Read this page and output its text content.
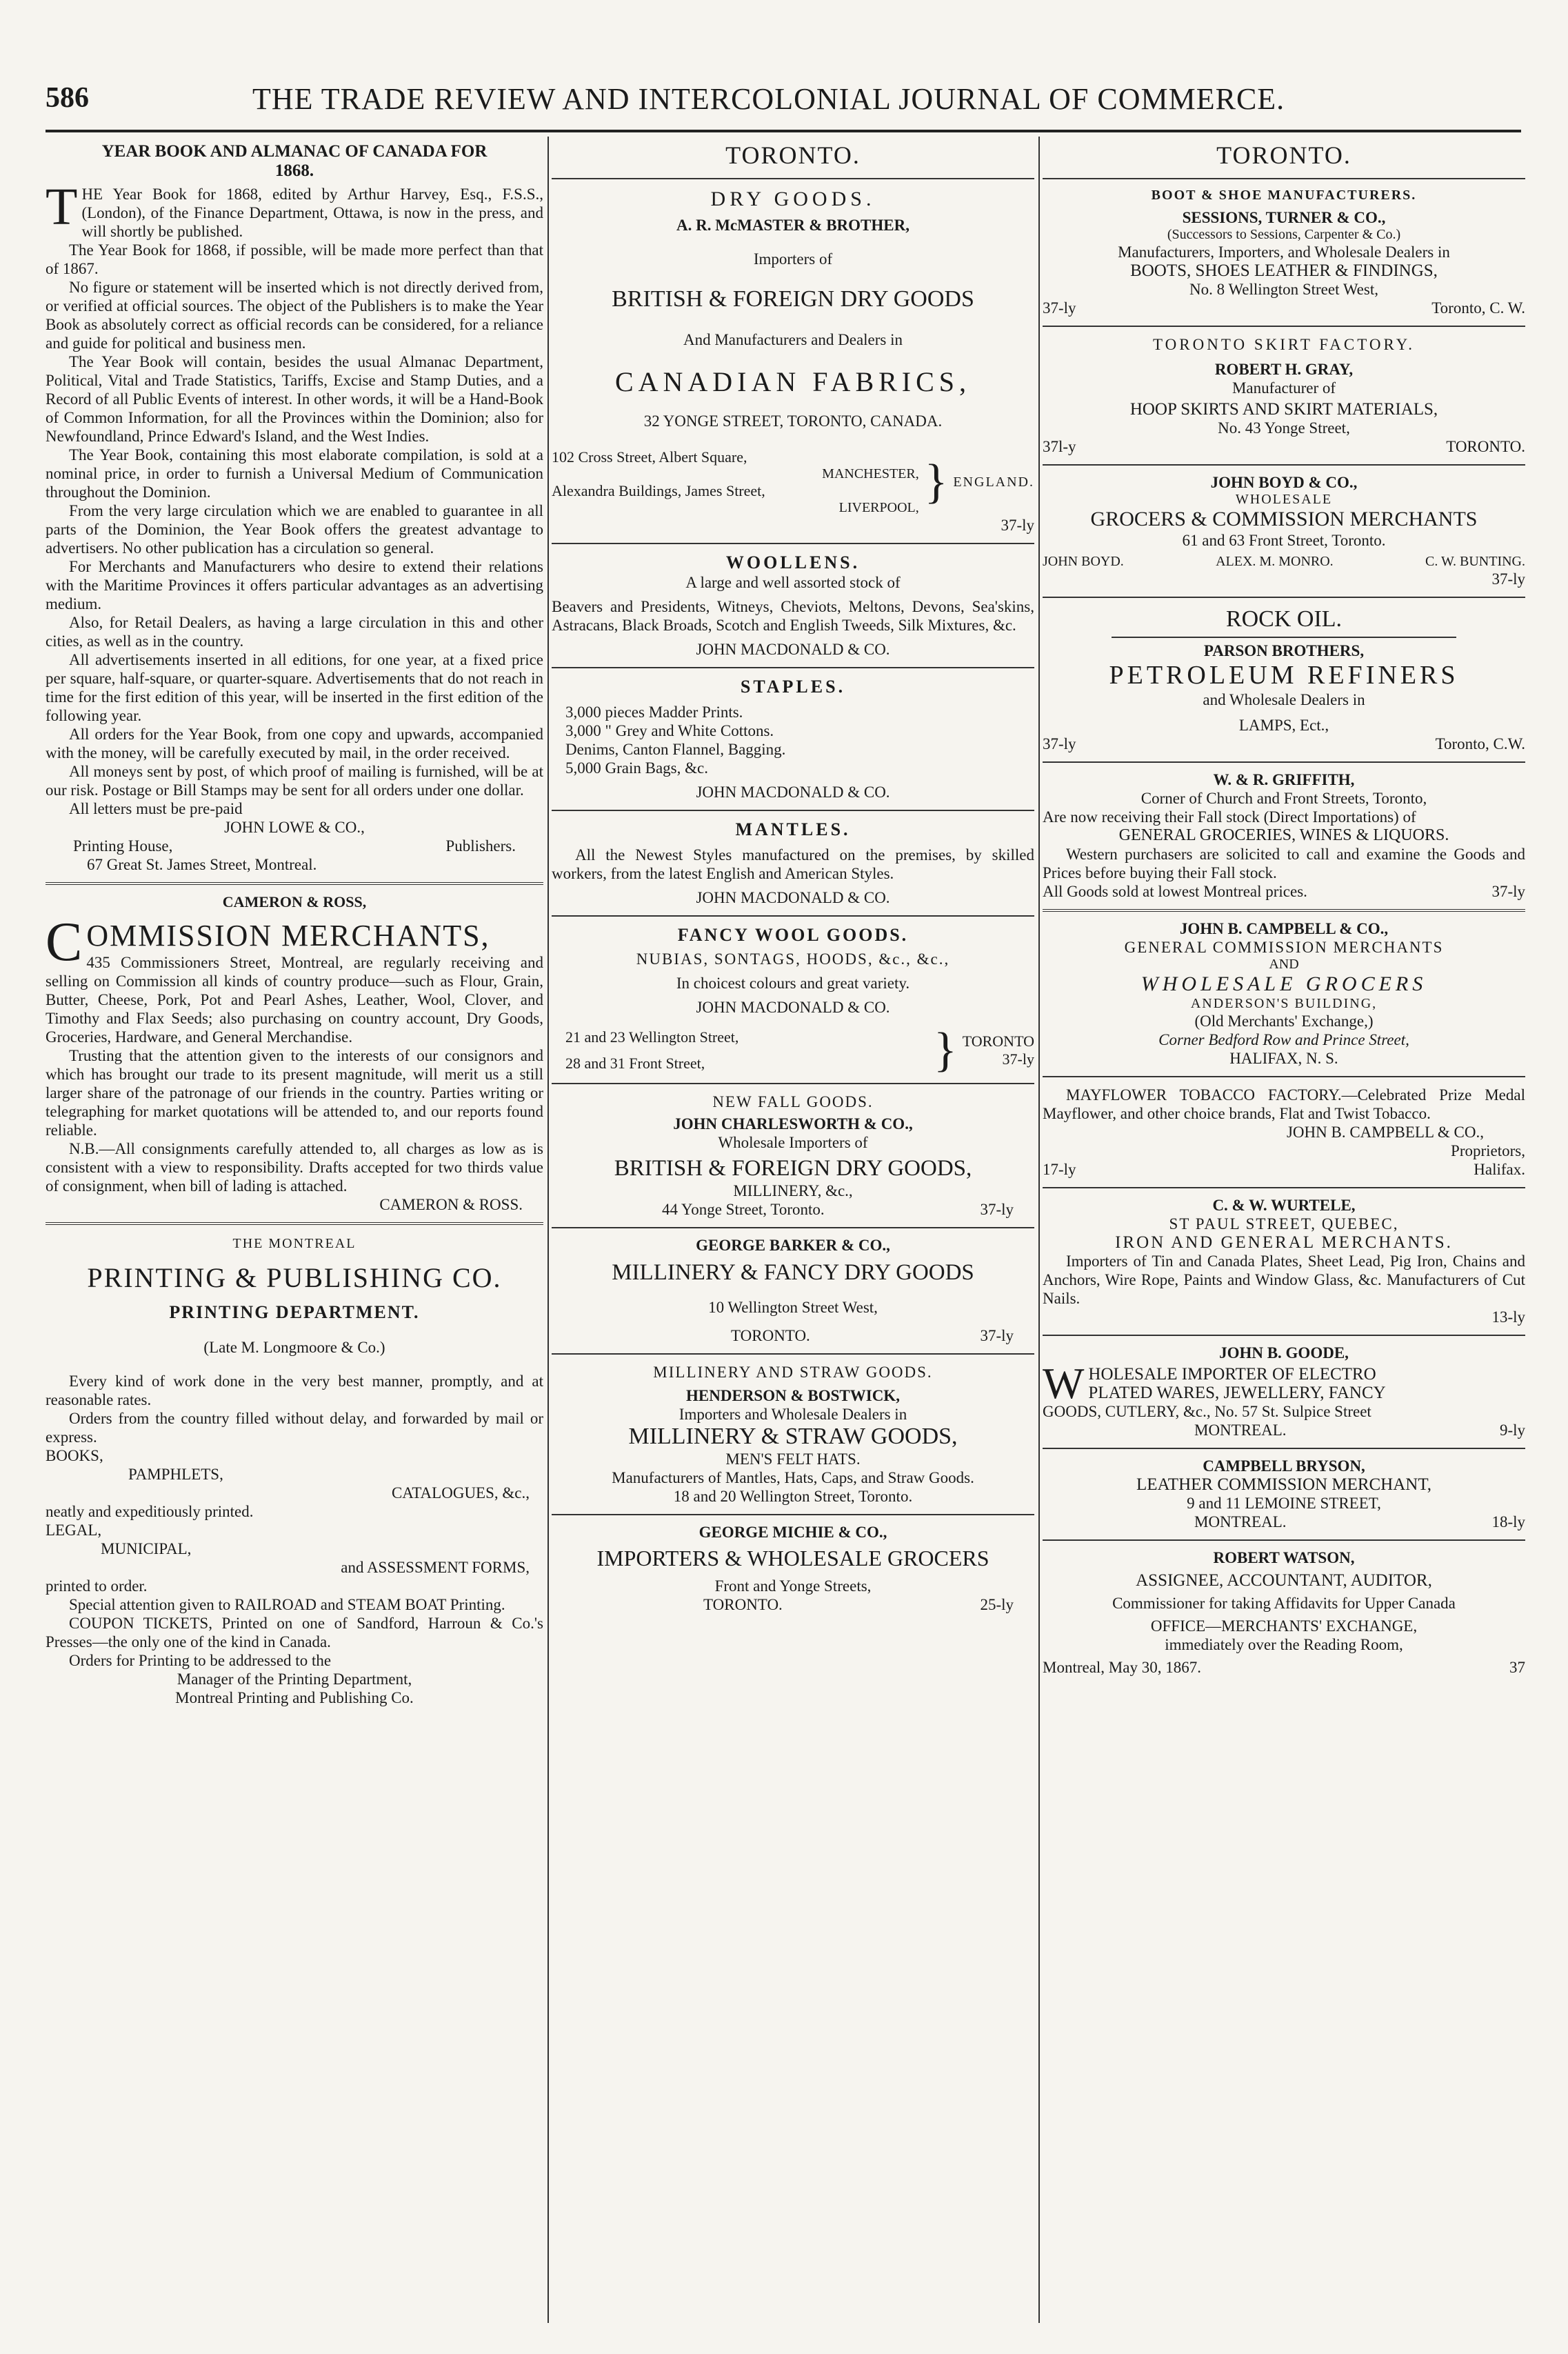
586	THE TRADE REVIEW AND INTERCOLONIAL JOURNAL OF COMMERCE.

YEAR BOOK AND ALMANAC OF CANADA FOR 1868.

THE Year Book for 1868, edited by Arthur Harvey, Esq., F.S.S., (London), of the Finance Department, Ottawa, is now in the press, and will shortly be published.

The Year Book for 1868, if possible, will be made more perfect than that of 1867.

No figure or statement will be inserted which is not directly derived from, or verified at official sources. The object of the Publishers is to make the Year Book as absolutely correct as official records can be considered, for a reliance and guide for political and business men.

The Year Book will contain, besides the usual Almanac Department, Political, Vital and Trade Statistics, Tariffs, Excise and Stamp Duties, and a Record of all Public Events of interest. In other words, it will be a Hand-Book of Common Information, for all the Provinces within the Dominion; also for Newfoundland, Prince Edward's Island, and the West Indies.

The Year Book, containing this most elaborate compilation, is sold at a nominal price, in order to furnish a Universal Medium of Communication throughout the Dominion.

From the very large circulation which we are enabled to guarantee in all parts of the Dominion, the Year Book offers the greatest advantage to advertisers. No other publication has a circulation so general.

For Merchants and Manufacturers who desire to extend their relations with the Maritime Provinces it offers particular advantages as an advertising medium.

Also, for Retail Dealers, as having a large circulation in this and other cities, as well as in the country.

All advertisements inserted in all editions, for one year, at a fixed price per square, half-square, or quarter-square. Advertisements that do not reach in time for the first edition of this year, will be inserted in the first edition of the following year.

All orders for the Year Book, from one copy and upwards, accompanied with the money, will be carefully executed by mail, in the order received.

All moneys sent by post, of which proof of mailing is furnished, will be at our risk. Postage or Bill Stamps may be sent for all orders under one dollar.

All letters must be pre-paid

JOHN LOWE & CO.,

Printing House,	Publishers.

67 Great St. James Street, Montreal.

CAMERON & ROSS,

C OMMISSION MERCHANTS,

435 Commissioners Street, Montreal, are regularly receiving and selling on Commission all kinds of country produce—such as Flour, Grain, Butter, Cheese, Pork, Pot and Pearl Ashes, Leather, Wool, Clover, and Timothy and Flax Seeds; also purchasing on country account, Dry Goods, Groceries, Hardware, and General Merchandise.

Trusting that the attention given to the interests of our consignors and which has brought our trade to its present magnitude, will merit us a still larger share of the patronage of our friends in the country. Parties writing or telegraphing for market quotations will be attended to, and our reports found reliable.

N.B.—All consignments carefully attended to, all charges as low as is consistent with a view to responsibility. Drafts accepted for two thirds value of consignment, when bill of lading is attached.

CAMERON & ROSS.

THE MONTREAL

PRINTING & PUBLISHING CO.

PRINTING DEPARTMENT.

(Late M. Longmoore & Co.)

Every kind of work done in the very best manner, promptly, and at reasonable rates.

Orders from the country filled without delay, and forwarded by mail or express.

BOOKS,

PAMPHLETS,

CATALOGUES, &c.,

neatly and expeditiously printed.

LEGAL,

MUNICIPAL,

and ASSESSMENT FORMS,

printed to order.

Special attention given to RAILROAD and STEAM BOAT Printing.

COUPON TICKETS, Printed on one of Sandford, Harroun & Co.'s Presses—the only one of the kind in Canada.

Orders for Printing to be addressed to the

Manager of the Printing Department,

Montreal Printing and Publishing Co.

TORONTO.

DRY GOODS.

A. R. McMASTER & BROTHER,

Importers of

BRITISH & FOREIGN DRY GOODS

And Manufacturers and Dealers in

CANADIAN FABRICS,

32 YONGE STREET, TORONTO, CANADA.

102 Cross Street, Albert Square,

MANCHESTER,

Alexandra Buildings, James Street,

LIVERPOOL, } ENGLAND.

37-ly

WOOLLENS.

A large and well assorted stock of

Beavers and Presidents, Witneys, Cheviots, Meltons, Devons, Sea'skins, Astracans, Black Broads, Scotch and English Tweeds, Silk Mixtures, &c.

JOHN MACDONALD & CO.

STAPLES.

3,000 pieces Madder Prints.

3,000 " Grey and White Cottons.

Denims, Canton Flannel, Bagging.

5,000 Grain Bags, &c.

JOHN MACDONALD & CO.

MANTLES.

All the Newest Styles manufactured on the premises, by skilled workers, from the latest English and American Styles.

JOHN MACDONALD & CO.

FANCY WOOL GOODS.

NUBIAS, SONTAGS, HOODS, &c., &c.,

In choicest colours and great variety.

JOHN MACDONALD & CO.

21 and 23 Wellington Street,

28 and 31 Front Street,	} TORONTO

37-ly

NEW FALL GOODS.

JOHN CHARLESWORTH & CO.,

Wholesale Importers of

BRITISH & FOREIGN DRY GOODS,

MILLINERY, &c.,

44 Yonge Street, Toronto.	37-ly

GEORGE BARKER & CO.,

MILLINERY & FANCY DRY GOODS

10 Wellington Street West,

TORONTO.	37-ly

MILLINERY AND STRAW GOODS.

HENDERSON & BOSTWICK,

Importers and Wholesale Dealers in

MILLINERY & STRAW GOODS,

MEN'S FELT HATS.

Manufacturers of Mantles, Hats, Caps, and Straw Goods.

18 and 20 Wellington Street, Toronto.

GEORGE MICHIE & CO.,

IMPORTERS & WHOLESALE GROCERS

Front and Yonge Streets,

TORONTO.	25-ly

TORONTO.

BOOT & SHOE MANUFACTURERS.

SESSIONS, TURNER & CO.,

(Successors to Sessions, Carpenter & Co.)

Manufacturers, Importers, and Wholesale Dealers in

BOOTS, SHOES LEATHER & FINDINGS,

No. 8 Wellington Street West,

37-ly	Toronto, C. W.

TORONTO SKIRT FACTORY.

ROBERT H. GRAY,

Manufacturer of

HOOP SKIRTS AND SKIRT MATERIALS,

No. 43 Yonge Street,

37l-y	TORONTO.

JOHN BOYD & CO.,

WHOLESALE

GROCERS & COMMISSION MERCHANTS

61 and 63 Front Street, Toronto.

JOHN BOYD.	ALEX. M. MONRO.	C. W. BUNTING.

37-ly

ROCK OIL.

PARSON BROTHERS,

PETROLEUM REFINERS

and Wholesale Dealers in

LAMPS, Ect.,

37-ly	Toronto, C.W.

W. & R. GRIFFITH,

Corner of Church and Front Streets, Toronto,

Are now receiving their Fall stock (Direct Importations) of

GENERAL GROCERIES, WINES & LIQUORS.

Western purchasers are solicited to call and examine the Goods and Prices before buying their Fall stock.

All Goods sold at lowest Montreal prices.	37-ly

JOHN B. CAMPBELL & CO.,

GENERAL COMMISSION MERCHANTS

AND

WHOLESALE GROCERS

ANDERSON'S BUILDING,

(Old Merchants' Exchange,)

Corner Bedford Row and Prince Street,

HALIFAX, N. S.

MAYFLOWER TOBACCO FACTORY.—Celebrated Prize Medal Mayflower, and other choice brands, Flat and Twist Tobacco.

JOHN B. CAMPBELL & CO.,

Proprietors,

17-ly	Halifax.

C. & W. WURTELE,

ST PAUL STREET, QUEBEC,

IRON AND GENERAL MERCHANTS.

Importers of Tin and Canada Plates, Sheet Lead, Pig Iron, Chains and Anchors, Wire Rope, Paints and Window Glass, &c. Manufacturers of Cut Nails.

13-ly

JOHN B. GOODE,

W HOLESALE IMPORTER OF ELECTRO

PLATED WARES, JEWELLERY, FANCY

GOODS, CUTLERY, &c., No. 57 St. Sulpice Street

MONTREAL.	9-ly

CAMPBELL BRYSON,

LEATHER COMMISSION MERCHANT,

9 and 11 LEMOINE STREET,

MONTREAL.	18-ly

ROBERT WATSON,

ASSIGNEE, ACCOUNTANT, AUDITOR,

Commissioner for taking Affidavits for Upper Canada

OFFICE—MERCHANTS' EXCHANGE,

immediately over the Reading Room,

Montreal, May 30, 1867.	37
